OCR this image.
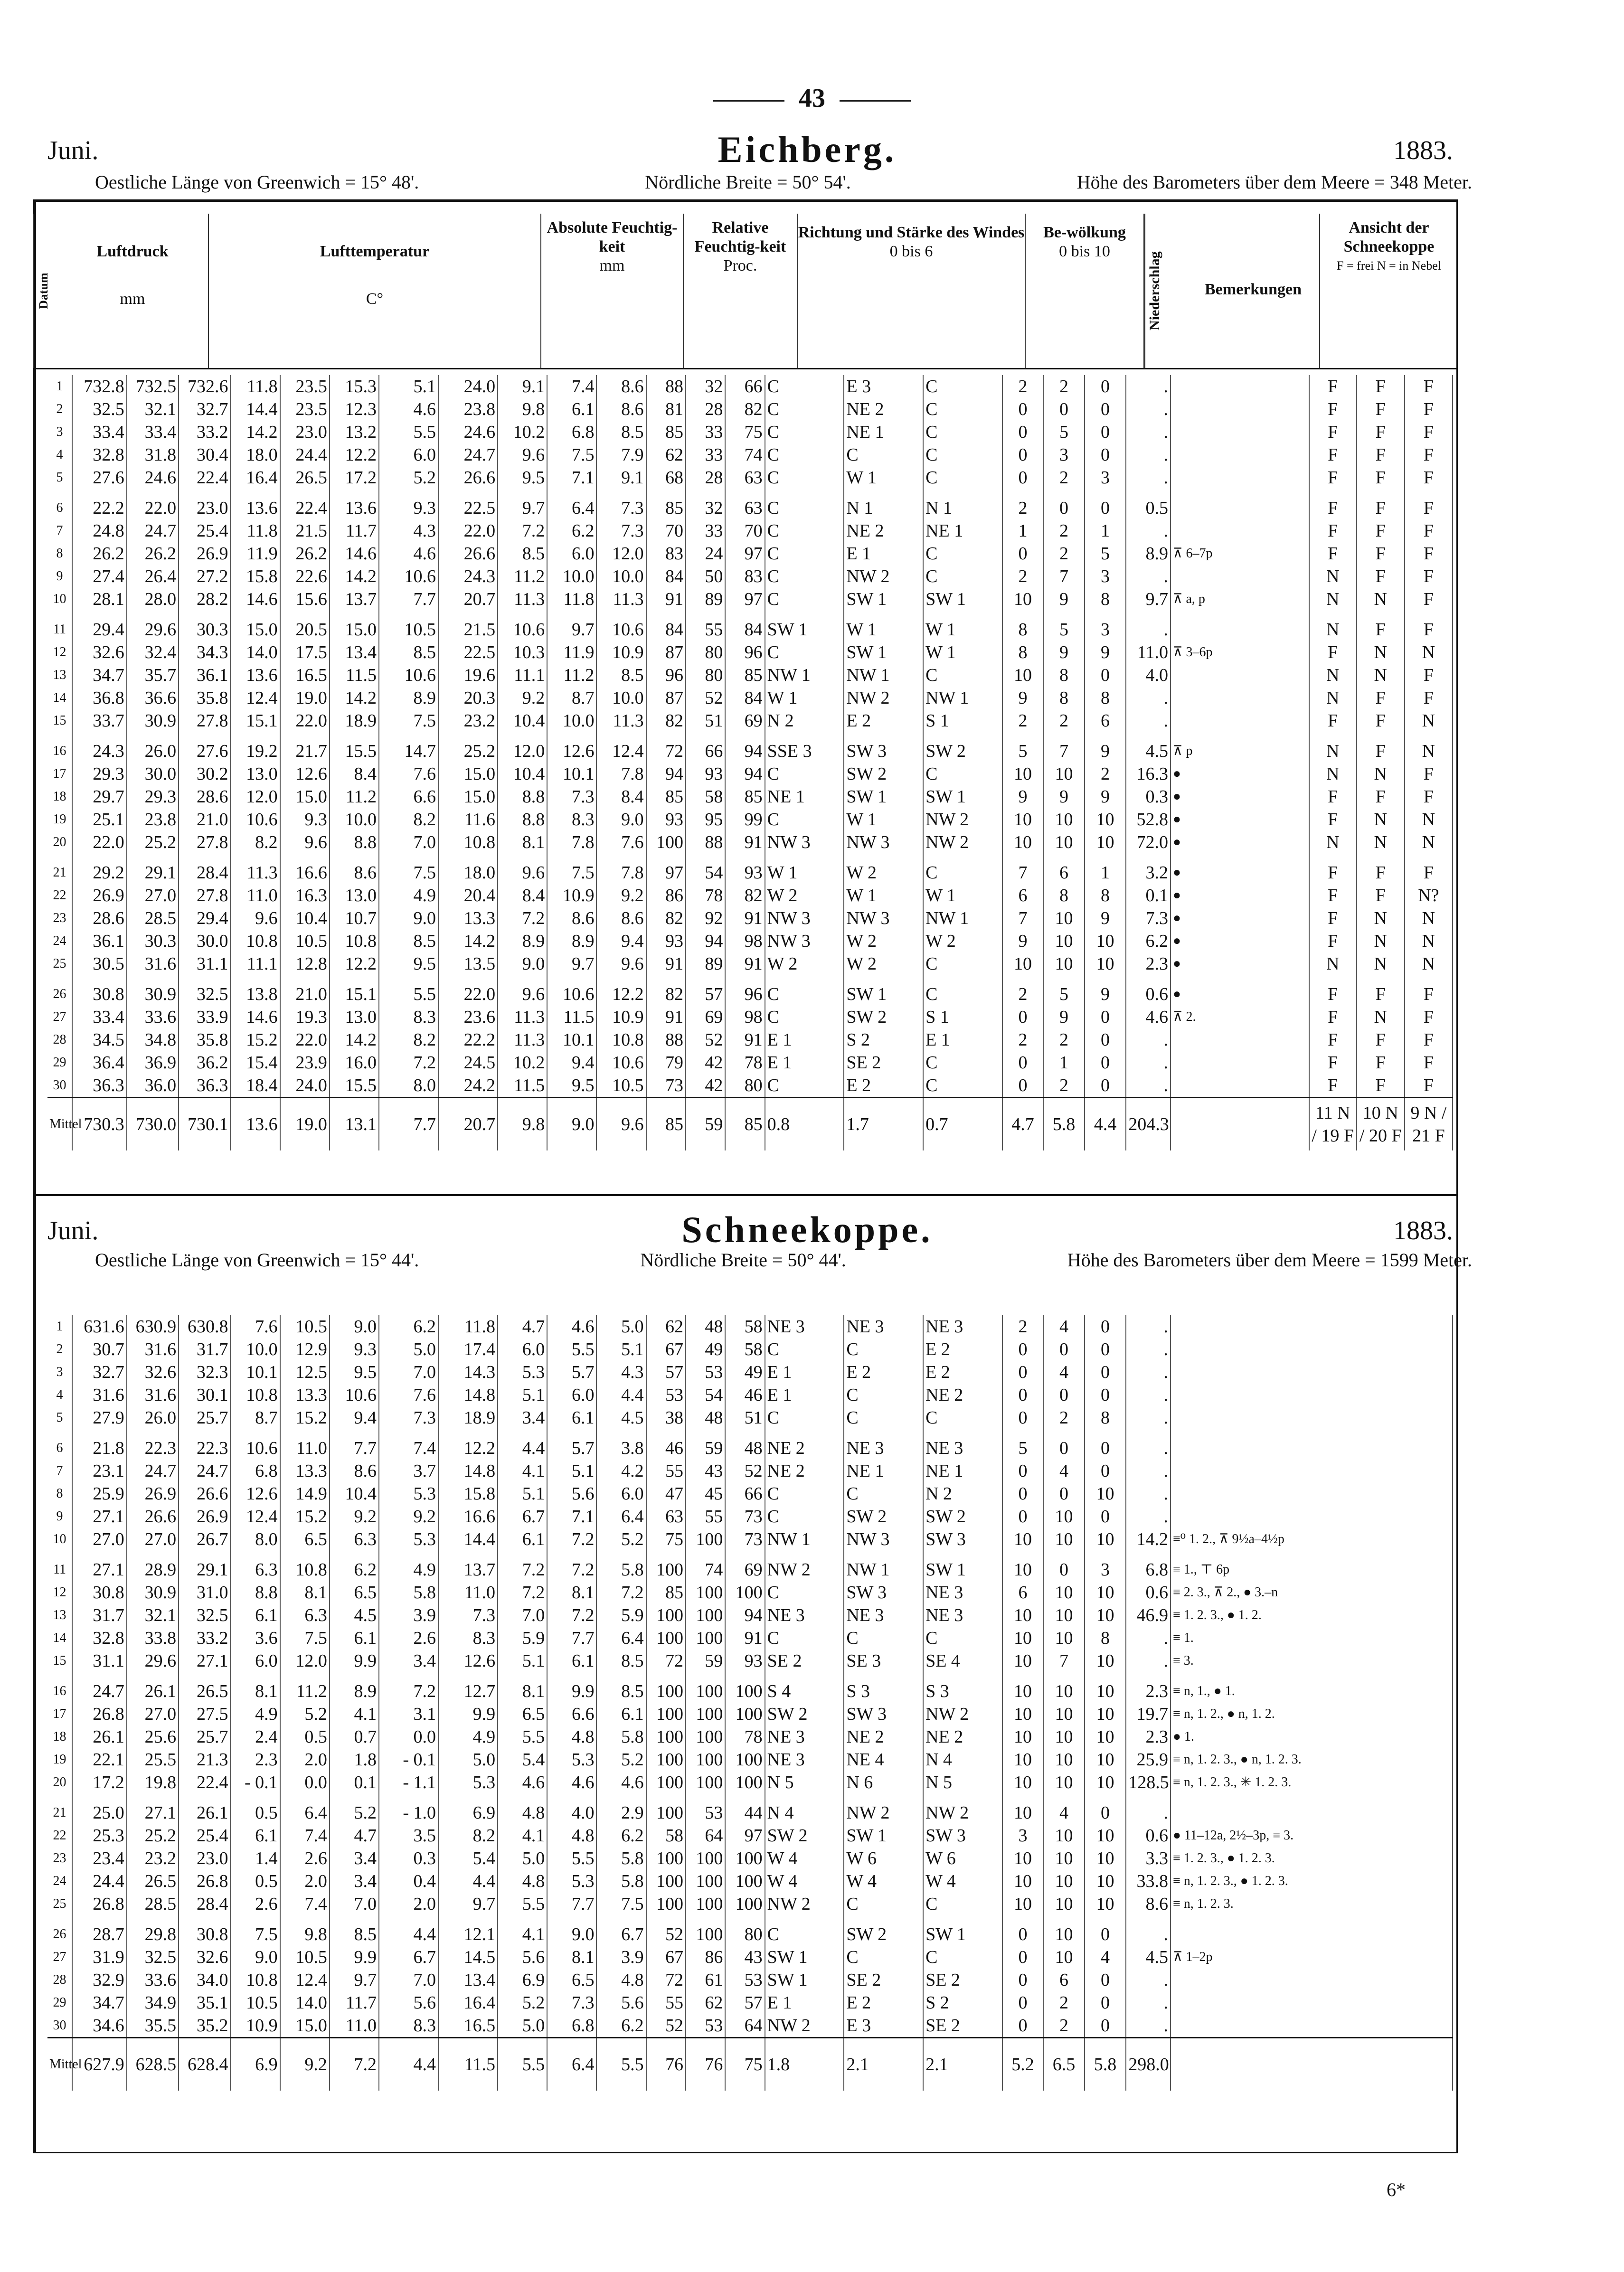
43
Juni.	Eichberg.	1883.
Oestliche Länge von Greenwich = 15° 48'.	Nördliche Breite = 50° 54'.	Höhe des Barometers über dem Meere = 348 Meter.
Datum
Luftdruck
mm
Lufttemperatur
C°
Absolute Feuchtig-keit
mm
Relative Feuchtig-keit
Proc.
Richtung und Stärke des Windes
0 bis 6
Be-wölkung
0 bis 10	Niederschlag	Bemerkungen
Ansicht der Schneekoppe
F = frei N = in Nebel
1	732.8	732.5	732.6	11.8	23.5	15.3	5.1	24.0	9.1	7.4	8.6	88	32	66	C	E 3	C	2	2	0	.		F	F	F
2	32.5	32.1	32.7	14.4	23.5	12.3	4.6	23.8	9.8	6.1	8.6	81	28	82	C	NE 2	C	0	0	0	.		F	F	F
3	33.4	33.4	33.2	14.2	23.0	13.2	5.5	24.6	10.2	6.8	8.5	85	33	75	C	NE 1	C	0	5	0	.		F	F	F
4	32.8	31.8	30.4	18.0	24.4	12.2	6.0	24.7	9.6	7.5	7.9	62	33	74	C	C	C	0	3	0	.		F	F	F
5	27.6	24.6	22.4	16.4	26.5	17.2	5.2	26.6	9.5	7.1	9.1	68	28	63	C	W 1	C	0	2	3	.		F	F	F

6	22.2	22.0	23.0	13.6	22.4	13.6	9.3	22.5	9.7	6.4	7.3	85	32	63	C	N 1	N 1	2	0	0	0.5		F	F	F
7	24.8	24.7	25.4	11.8	21.5	11.7	4.3	22.0	7.2	6.2	7.3	70	33	70	C	NE 2	NE 1	1	2	1	.		F	F	F
8	26.2	26.2	26.9	11.9	26.2	14.6	4.6	26.6	8.5	6.0	12.0	83	24	97	C	E 1	C	0	2	5	8.9	⊼ 6–7p	F	F	F
9	27.4	26.4	27.2	15.8	22.6	14.2	10.6	24.3	11.2	10.0	10.0	84	50	83	C	NW 2	C	2	7	3	.		N	F	F
10	28.1	28.0	28.2	14.6	15.6	13.7	7.7	20.7	11.3	11.8	11.3	91	89	97	C	SW 1	SW 1	10	9	8	9.7	⊼ a, p	N	N	F

11	29.4	29.6	30.3	15.0	20.5	15.0	10.5	21.5	10.6	9.7	10.6	84	55	84	SW 1	W 1	W 1	8	5	3	.		N	F	F
12	32.6	32.4	34.3	14.0	17.5	13.4	8.5	22.5	10.3	11.9	10.9	87	80	96	C	SW 1	W 1	8	9	9	11.0	⊼ 3–6p	F	N	N
13	34.7	35.7	36.1	13.6	16.5	11.5	10.6	19.6	11.1	11.2	8.5	96	80	85	NW 1	NW 1	C	10	8	0	4.0		N	N	F
14	36.8	36.6	35.8	12.4	19.0	14.2	8.9	20.3	9.2	8.7	10.0	87	52	84	W 1	NW 2	NW 1	9	8	8	.		N	F	F
15	33.7	30.9	27.8	15.1	22.0	18.9	7.5	23.2	10.4	10.0	11.3	82	51	69	N 2	E 2	S 1	2	2	6	.		F	F	N

16	24.3	26.0	27.6	19.2	21.7	15.5	14.7	25.2	12.0	12.6	12.4	72	66	94	SSE 3	SW 3	SW 2	5	7	9	4.5	⊼ p	N	F	N
17	29.3	30.0	30.2	13.0	12.6	8.4	7.6	15.0	10.4	10.1	7.8	94	93	94	C	SW 2	C	10	10	2	16.3	●	N	N	F
18	29.7	29.3	28.6	12.0	15.0	11.2	6.6	15.0	8.8	7.3	8.4	85	58	85	NE 1	SW 1	SW 1	9	9	9	0.3	●	F	F	F
19	25.1	23.8	21.0	10.6	9.3	10.0	8.2	11.6	8.8	8.3	9.0	93	95	99	C	W 1	NW 2	10	10	10	52.8	●	F	N	N
20	22.0	25.2	27.8	8.2	9.6	8.8	7.0	10.8	8.1	7.8	7.6	100	88	91	NW 3	NW 3	NW 2	10	10	10	72.0	●	N	N	N

21	29.2	29.1	28.4	11.3	16.6	8.6	7.5	18.0	9.6	7.5	7.8	97	54	93	W 1	W 2	C	7	6	1	3.2	●	F	F	F
22	26.9	27.0	27.8	11.0	16.3	13.0	4.9	20.4	8.4	10.9	9.2	86	78	82	W 2	W 1	W 1	6	8	8	0.1	●	F	F	N?
23	28.6	28.5	29.4	9.6	10.4	10.7	9.0	13.3	7.2	8.6	8.6	82	92	91	NW 3	NW 3	NW 1	7	10	9	7.3	●	F	N	N
24	36.1	30.3	30.0	10.8	10.5	10.8	8.5	14.2	8.9	8.9	9.4	93	94	98	NW 3	W 2	W 2	9	10	10	6.2	●	F	N	N
25	30.5	31.6	31.1	11.1	12.8	12.2	9.5	13.5	9.0	9.7	9.6	91	89	91	W 2	W 2	C	10	10	10	2.3	●	N	N	N

26	30.8	30.9	32.5	13.8	21.0	15.1	5.5	22.0	9.6	10.6	12.2	82	57	96	C	SW 1	C	2	5	9	0.6	●	F	F	F
27	33.4	33.6	33.9	14.6	19.3	13.0	8.3	23.6	11.3	11.5	10.9	91	69	98	C	SW 2	S 1	0	9	0	4.6	⊼ 2.	F	N	F
28	34.5	34.8	35.8	15.2	22.0	14.2	8.2	22.2	11.3	10.1	10.8	88	52	91	E 1	S 2	E 1	2	2	0	.		F	F	F
29	36.4	36.9	36.2	15.4	23.9	16.0	7.2	24.5	10.2	9.4	10.6	79	42	78	E 1	SE 2	C	0	1	0	.		F	F	F
30	36.3	36.0	36.3	18.4	24.0	15.5	8.0	24.2	11.5	9.5	10.5	73	42	80	C	E 2	C	0	2	0	.		F	F	F
Mittel	730.3	730.0	730.1	13.6	19.0	13.1	7.7	20.7	9.8	9.0	9.6	85	59	85	0.8	1.7	0.7	4.7	5.8	4.4	204.3		11 N / 19 F	10 N / 20 F	9 N / 21 F
Juni.	Schneekoppe.	1883.
Oestliche Länge von Greenwich = 15° 44'.	Nördliche Breite = 50° 44'.	Höhe des Barometers über dem Meere = 1599 Meter.
1	631.6	630.9	630.8	7.6	10.5	9.0	6.2	11.8	4.7	4.6	5.0	62	48	58	NE 3	NE 3	NE 3	2	4	0	.	
2	30.7	31.6	31.7	10.0	12.9	9.3	5.0	17.4	6.0	5.5	5.1	67	49	58	C	C	E 2	0	0	0	.	
3	32.7	32.6	32.3	10.1	12.5	9.5	7.0	14.3	5.3	5.7	4.3	57	53	49	E 1	E 2	E 2	0	4	0	.	
4	31.6	31.6	30.1	10.8	13.3	10.6	7.6	14.8	5.1	6.0	4.4	53	54	46	E 1	C	NE 2	0	0	0	.	
5	27.9	26.0	25.7	8.7	15.2	9.4	7.3	18.9	3.4	6.1	4.5	38	48	51	C	C	C	0	2	8	.	

6	21.8	22.3	22.3	10.6	11.0	7.7	7.4	12.2	4.4	5.7	3.8	46	59	48	NE 2	NE 3	NE 3	5	0	0	.	
7	23.1	24.7	24.7	6.8	13.3	8.6	3.7	14.8	4.1	5.1	4.2	55	43	52	NE 2	NE 1	NE 1	0	4	0	.	
8	25.9	26.9	26.6	12.6	14.9	10.4	5.3	15.8	5.1	5.6	6.0	47	45	66	C	C	N 2	0	0	10	.	
9	27.1	26.6	26.9	12.4	15.2	9.2	9.2	16.6	6.7	7.1	6.4	63	55	73	C	SW 2	SW 2	0	10	0	.	
10	27.0	27.0	26.7	8.0	6.5	6.3	5.3	14.4	6.1	7.2	5.2	75	100	73	NW 1	NW 3	SW 3	10	10	10	14.2	≡⁰ 1. 2., ⊼ 9½a–4½p

11	27.1	28.9	29.1	6.3	10.8	6.2	4.9	13.7	7.2	7.2	5.8	100	74	69	NW 2	NW 1	SW 1	10	0	3	6.8	≡ 1., ⊤ 6p
12	30.8	30.9	31.0	8.8	8.1	6.5	5.8	11.0	7.2	8.1	7.2	85	100	100	C	SW 3	NE 3	6	10	10	0.6	≡ 2. 3., ⊼ 2., ● 3.–n
13	31.7	32.1	32.5	6.1	6.3	4.5	3.9	7.3	7.0	7.2	5.9	100	100	94	NE 3	NE 3	NE 3	10	10	10	46.9	≡ 1. 2. 3., ● 1. 2.
14	32.8	33.8	33.2	3.6	7.5	6.1	2.6	8.3	5.9	7.7	6.4	100	100	91	C	C	C	10	10	8	.	≡ 1.
15	31.1	29.6	27.1	6.0	12.0	9.9	3.4	12.6	5.1	6.1	8.5	72	59	93	SE 2	SE 3	SE 4	10	7	10	.	≡ 3.

16	24.7	26.1	26.5	8.1	11.2	8.9	7.2	12.7	8.1	9.9	8.5	100	100	100	S 4	S 3	S 3	10	10	10	2.3	≡ n, 1., ● 1.
17	26.8	27.0	27.5	4.9	5.2	4.1	3.1	9.9	6.5	6.6	6.1	100	100	100	SW 2	SW 3	NW 2	10	10	10	19.7	≡ n, 1. 2., ● n, 1. 2.
18	26.1	25.6	25.7	2.4	0.5	0.7	0.0	4.9	5.5	4.8	5.8	100	100	78	NE 3	NE 2	NE 2	10	10	10	2.3	● 1.
19	22.1	25.5	21.3	2.3	2.0	1.8	- 0.1	5.0	5.4	5.3	5.2	100	100	100	NE 3	NE 4	N 4	10	10	10	25.9	≡ n, 1. 2. 3., ● n, 1. 2. 3.
20	17.2	19.8	22.4	- 0.1	0.0	0.1	- 1.1	5.3	4.6	4.6	4.6	100	100	100	N 5	N 6	N 5	10	10	10	128.5	≡ n, 1. 2. 3., ✳ 1. 2. 3.

21	25.0	27.1	26.1	0.5	6.4	5.2	- 1.0	6.9	4.8	4.0	2.9	100	53	44	N 4	NW 2	NW 2	10	4	0	.	
22	25.3	25.2	25.4	6.1	7.4	4.7	3.5	8.2	4.1	4.8	6.2	58	64	97	SW 2	SW 1	SW 3	3	10	10	0.6	● 11–12a, 2½–3p, ≡ 3.
23	23.4	23.2	23.0	1.4	2.6	3.4	0.3	5.4	5.0	5.5	5.8	100	100	100	W 4	W 6	W 6	10	10	10	3.3	≡ 1. 2. 3., ● 1. 2. 3.
24	24.4	26.5	26.8	0.5	2.0	3.4	0.4	4.4	4.8	5.3	5.8	100	100	100	W 4	W 4	W 4	10	10	10	33.8	≡ n, 1. 2. 3., ● 1. 2. 3.
25	26.8	28.5	28.4	2.6	7.4	7.0	2.0	9.7	5.5	7.7	7.5	100	100	100	NW 2	C	C	10	10	10	8.6	≡ n, 1. 2. 3.

26	28.7	29.8	30.8	7.5	9.8	8.5	4.4	12.1	4.1	9.0	6.7	52	100	80	C	SW 2	SW 1	0	10	0	.	
27	31.9	32.5	32.6	9.0	10.5	9.9	6.7	14.5	5.6	8.1	3.9	67	86	43	SW 1	C	C	0	10	4	4.5	⊼ 1–2p
28	32.9	33.6	34.0	10.8	12.4	9.7	7.0	13.4	6.9	6.5	4.8	72	61	53	SW 1	SE 2	SE 2	0	6	0	.	
29	34.7	34.9	35.1	10.5	14.0	11.7	5.6	16.4	5.2	7.3	5.6	55	62	57	E 1	E 2	S 2	0	2	0	.	
30	34.6	35.5	35.2	10.9	15.0	11.0	8.3	16.5	5.0	6.8	6.2	52	53	64	NW 2	E 3	SE 2	0	2	0	.	
Mittel	627.9	628.5	628.4	6.9	9.2	7.2	4.4	11.5	5.5	6.4	5.5	76	76	75	1.8	2.1	2.1	5.2	6.5	5.8	298.0	
6*
